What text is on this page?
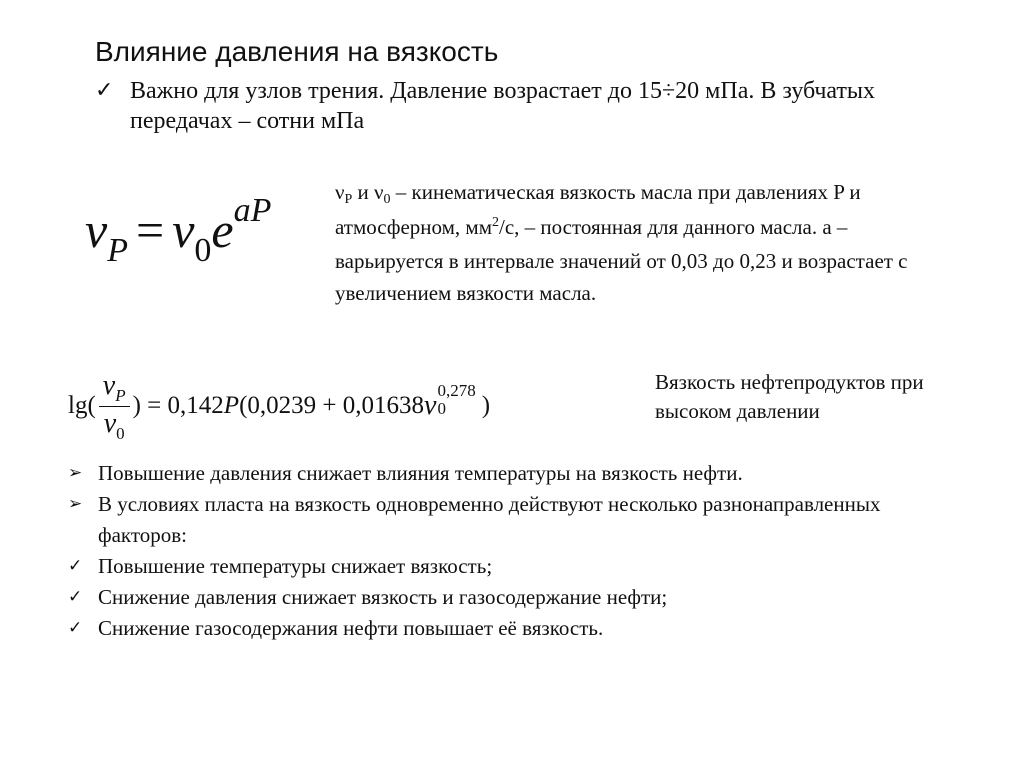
Влияние давления на вязкость
✓ Важно для узлов трения. Давление возрастает до 15÷20 мПа. В зубчатых передачах – сотни мПа
$\nu_P = \nu_0e^{aP}$	νP и ν0 – кинематическая вязкость масла при давлениях P и атмосферном, $мм^2/с$, – постоянная для данного масла. a – варьируется в интервале значений от 0,03 до 0,23 и возрастает с увеличением вязкости масла.
$\lg( \frac{\nu_P}{\nu_0}$ ) = 0,142 P (0,0239 + 0,01638 ν 0,278
0	)
Вязкость нефтепродуктов при высоком давлении
➢ Повышение давления снижает влияния температуры на вязкость нефти.
➢ В условиях пласта на вязкость одновременно действуют несколько разнонаправленных факторов:
✓ Повышение температуры снижает вязкость;
✓ Снижение давления снижает вязкость и газосодержание нефти;
✓ Снижение газосодержания нефти повышает её вязкость.
